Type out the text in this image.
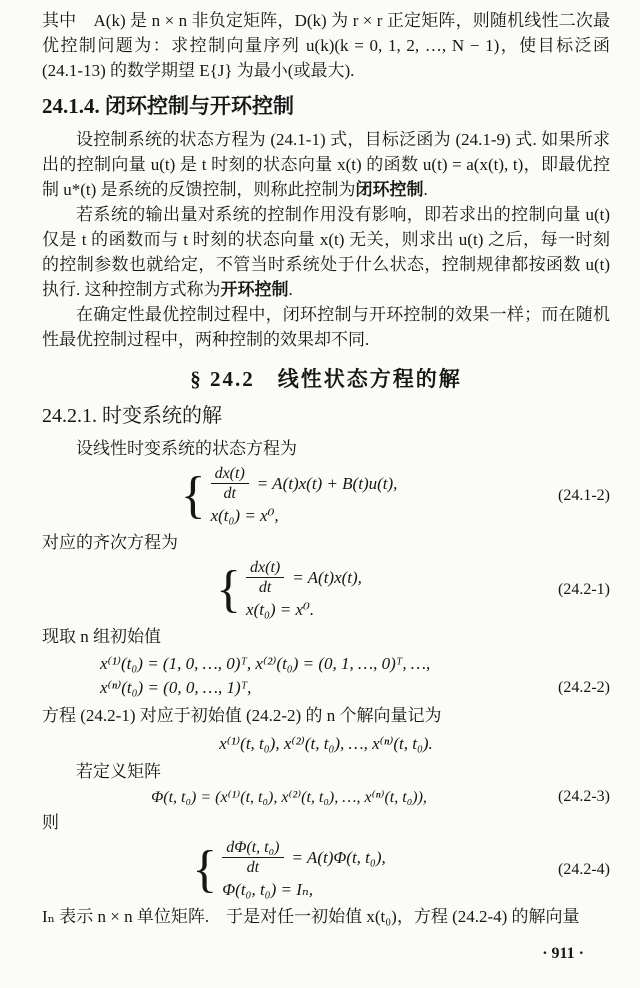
其中　A(k) 是 n × n 非负定矩阵，D(k) 为 r × r 正定矩阵，则随机线性二次最优控制问题为：求控制向量序列 u(k)(k = 0, 1, 2, …, N − 1)，使目标泛函 (24.1-13) 的数学期望 E{J} 为最小(或最大).

24.1.4. 闭环控制与开环控制

设控制系统的状态方程为 (24.1-1) 式，目标泛函为 (24.1-9) 式. 如果所求出的控制向量 u(t) 是 t 时刻的状态向量 x(t) 的函数 u(t) = a(x(t), t)，即最优控制 u*(t) 是系统的反馈控制，则称此控制为闭环控制.

若系统的输出量对系统的控制作用没有影响，即若求出的控制向量 u(t) 仅是 t 的函数而与 t 时刻的状态向量 x(t) 无关，则求出 u(t) 之后，每一时刻的控制参数也就给定，不管当时系统处于什么状态，控制规律都按函数 u(t) 执行. 这种控制方式称为开环控制.

在确定性最优控制过程中，闭环控制与开环控制的效果一样；而在随机性最优控制过程中，两种控制的效果却不同.

§ 24.2　线性状态方程的解
24.2.1. 时变系统的解

设线性时变系统的状态方程为

{ $\frac{dx(t)}{dt} = A(t)x(t) + B(t)u(t)$,
x(t₀) = x⁰,
(24.1-2)

对应的齐次方程为

{ $\frac{dx(t)}{dt} = A(t)x(t)$,
x(t₀) = x⁰.
(24.2-1)

现取 n 组初始值

x⁽¹⁾(t₀) = (1, 0, …, 0)ᵀ, x⁽²⁾(t₀) = (0, 1, …, 0)ᵀ, …,
x⁽ⁿ⁾(t₀) = (0, 0, …, 1)ᵀ,	(24.2-2)

方程 (24.2-1) 对应于初始值 (24.2-2) 的 n 个解向量记为

x⁽¹⁾(t, t₀), x⁽²⁾(t, t₀), …, x⁽ⁿ⁾(t, t₀).

若定义矩阵

Φ(t, t₀) = (x⁽¹⁾(t, t₀), x⁽²⁾(t, t₀), …, x⁽ⁿ⁾(t, t₀)),	(24.2-3)

则

{ $\frac{\text{dΦ(t, t₀)}}{dt} = A(t)\Phi(t$, t₀),
Φ(t₀, t₀) = Iₙ,
(24.2-4)

Iₙ 表示 n × n 单位矩阵.　于是对任一初始值 x(t₀)，方程 (24.2-4) 的解向量

· 911 ·
